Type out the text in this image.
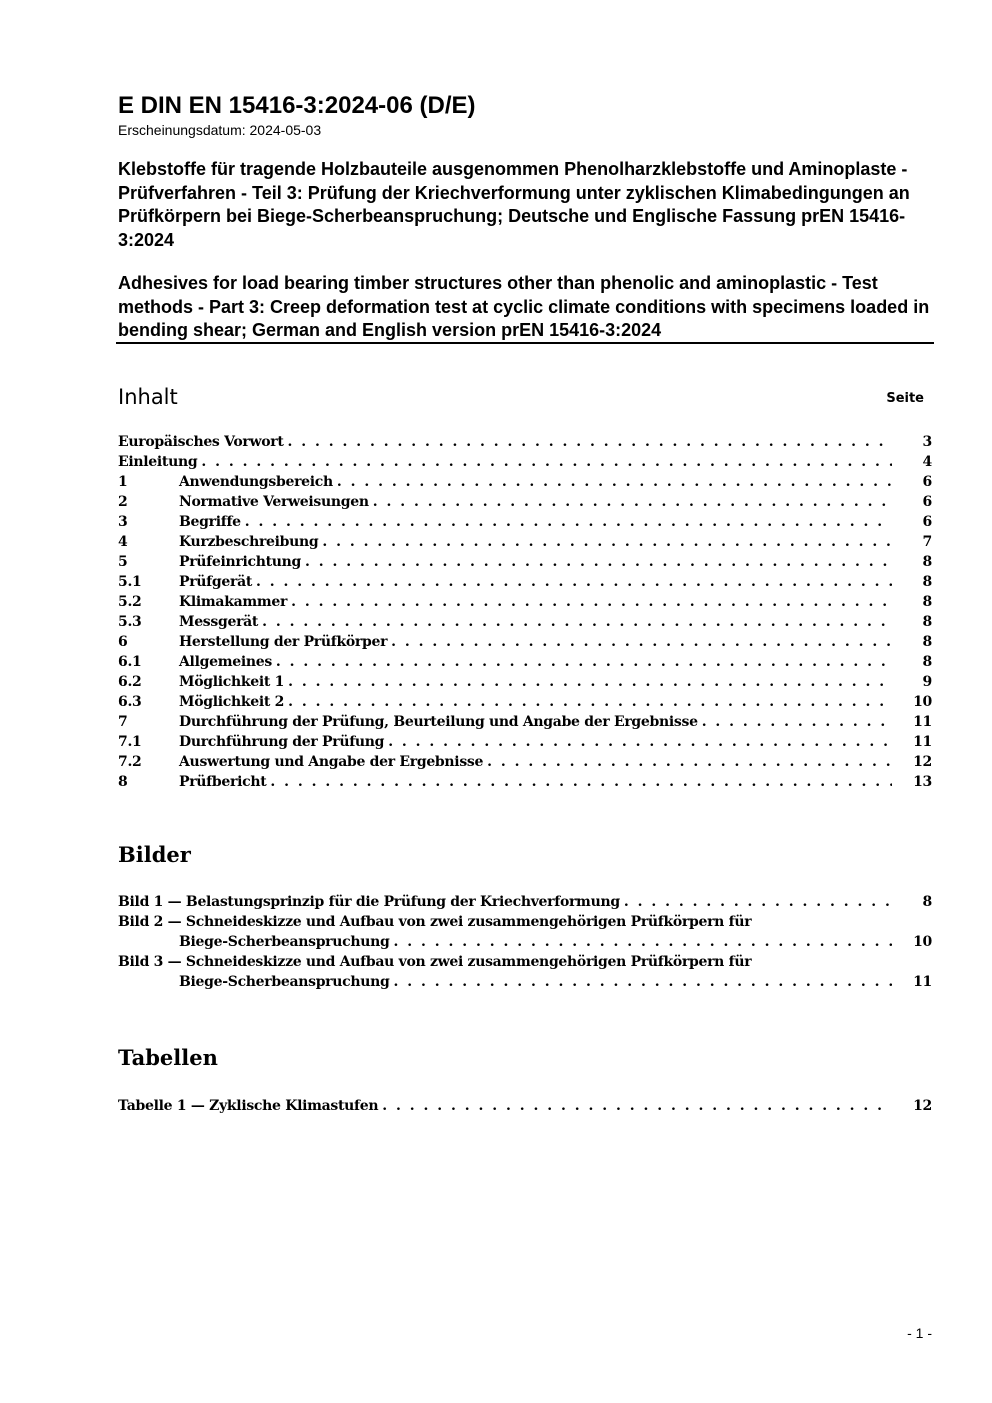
E DIN EN 15416-3:2024-06 (D/E)
Erscheinungsdatum: 2024-05-03

Klebstoffe für tragende Holzbauteile ausgenommen Phenolharzklebstoffe und Aminoplaste - Prüfverfahren - Teil 3: Prüfung der Kriechverformung unter zyklischen Klimabedingungen an Prüfkörpern bei Biege-Scherbeanspruchung; Deutsche und Englische Fassung prEN 15416-3:2024

Adhesives for load bearing timber structures other than phenolic and aminoplastic - Test methods - Part 3: Creep deformation test at cyclic climate conditions with specimens loaded in bending shear; German and English version prEN 15416-3:2024

Inhalt	Seite
Europäisches Vorwort . . .	3
Einleitung . . .	4
1	Anwendungsbereich . . .	6
2	Normative Verweisungen . . .	6
3	Begriffe . . .	6
4	Kurzbeschreibung . . .	7
5	Prüfeinrichtung . . .	8
5.1	Prüfgerät . . .	8
5.2	Klimakammer . . .	8
5.3	Messgerät . . .	8
6	Herstellung der Prüfkörper . . .	8
6.1	Allgemeines . . .	8
6.2	Möglichkeit 1 . . .	9
6.3	Möglichkeit 2 . . .	10
7	Durchführung der Prüfung, Beurteilung und Angabe der Ergebnisse . . .	11
7.1	Durchführung der Prüfung . . .	11
7.2	Auswertung und Angabe der Ergebnisse . . .	12
8	Prüfbericht . . .	13
Bilder
Bild 1 — Belastungsprinzip für die Prüfung der Kriechverformung . . .	8
Bild 2 — Schneideskizze und Aufbau von zwei zusammengehörigen Prüfkörpern für
Biege-Scherbeanspruchung . . .	10
Bild 3 — Schneideskizze und Aufbau von zwei zusammengehörigen Prüfkörpern für
Biege-Scherbeanspruchung . . .	11
Tabellen
Tabelle 1 — Zyklische Klimastufen . . .	12
- 1 -
